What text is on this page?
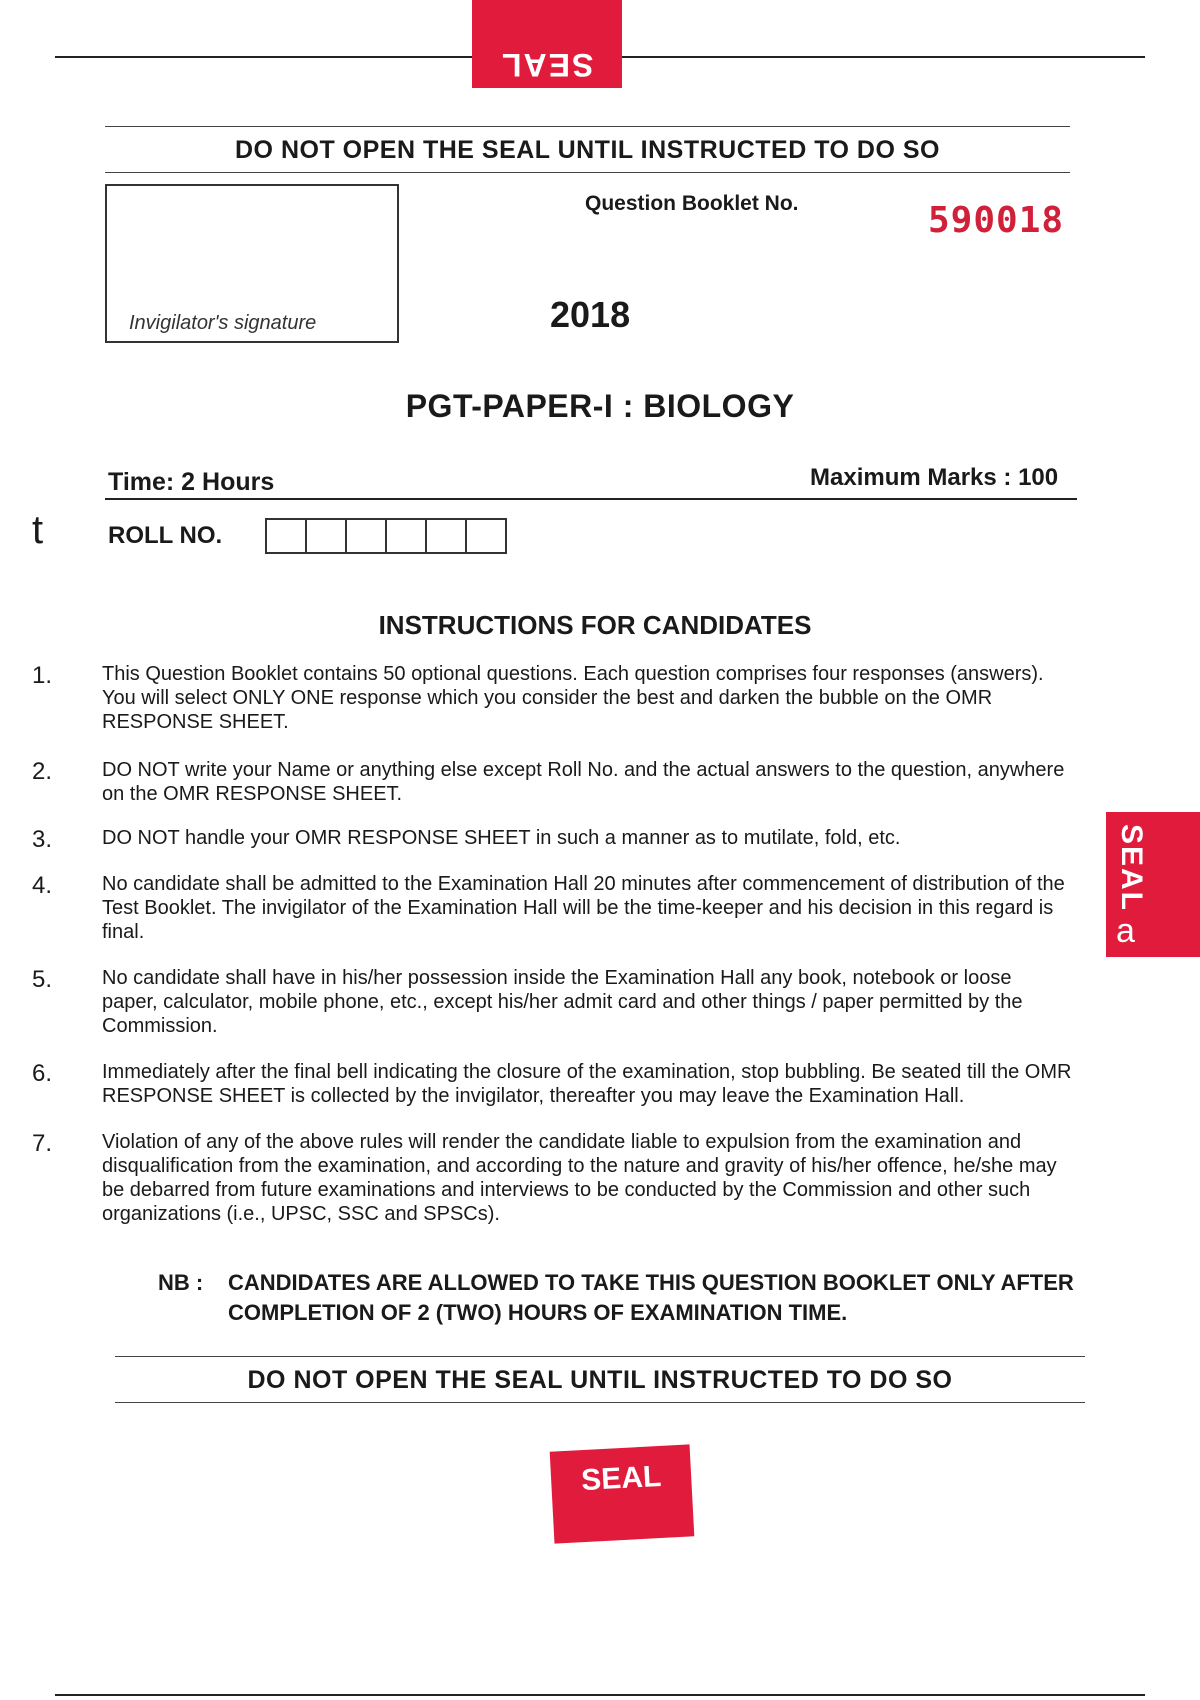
SEAL
DO NOT OPEN THE SEAL UNTIL INSTRUCTED TO DO SO
Invigilator's signature
Question Booklet No.	590018
2018
PGT-PAPER-I : BIOLOGY
Time: 2 Hours	Maximum Marks : 100
t	ROLL NO.
INSTRUCTIONS FOR CANDIDATES
1.	This Question Booklet contains 50 optional questions. Each question comprises four responses (answers). You will select ONLY ONE response which you consider the best and darken the bubble on the OMR RESPONSE SHEET.
2.	DO NOT write your Name or anything else except Roll No. and the actual answers to the question, anywhere on the OMR RESPONSE SHEET.
3.	DO NOT handle your OMR RESPONSE SHEET in such a manner as to mutilate, fold, etc.
4.	No candidate shall be admitted to the Examination Hall 20 minutes after commencement of distribution of the Test Booklet. The invigilator of the Examination Hall will be the time-keeper and his decision in this regard is final.
5.	No candidate shall have in his/her possession inside the Examination Hall any book, notebook or loose paper, calculator, mobile phone, etc., except his/her admit card and other things / paper permitted by the Commission.
6.	Immediately after the final bell indicating the closure of the examination, stop bubbling. Be seated till the OMR RESPONSE SHEET is collected by the invigilator, thereafter you may leave the Examination Hall.
7.	Violation of any of the above rules will render the candidate liable to expulsion from the examination and disqualification from the examination, and according to the nature and gravity of his/her offence, he/she may be debarred from future examinations and interviews to be conducted by the Commission and other such organizations (i.e., UPSC, SSC and SPSCs).
SEAL
a
NB :	CANDIDATES ARE ALLOWED TO TAKE THIS QUESTION BOOKLET ONLY AFTER COMPLETION OF 2 (TWO) HOURS OF EXAMINATION TIME.
DO NOT OPEN THE SEAL UNTIL INSTRUCTED TO DO SO
SEAL
